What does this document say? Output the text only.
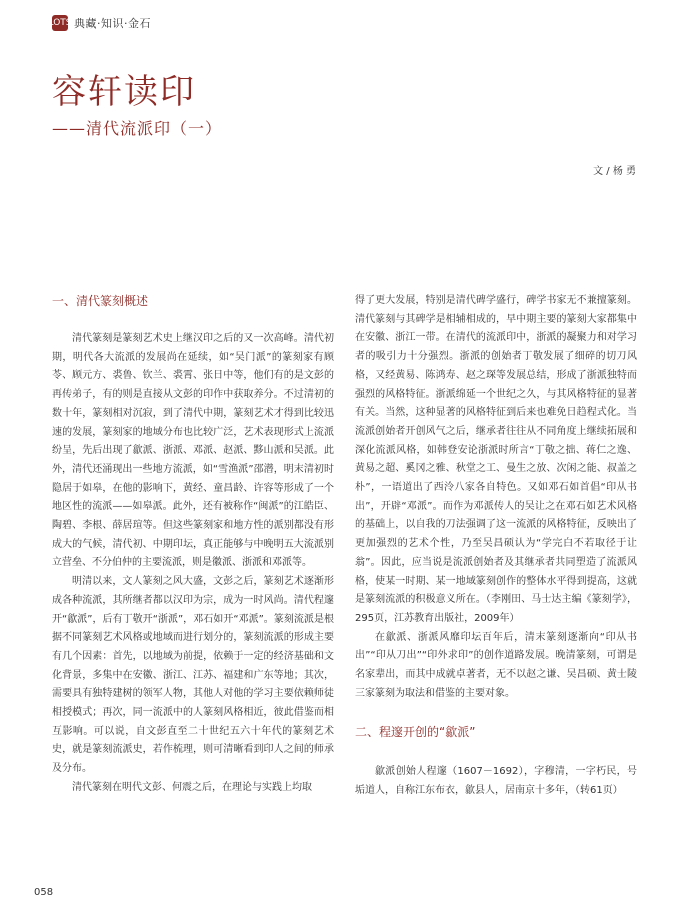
LOTS 典藏·知识·金石
容轩读印
——清代流派印（一）
文 / 杨 勇
一、清代篆刻概述

清代篆刻是篆刻艺术史上继汉印之后的又一次高峰。清代初期，明代各大流派的发展尚在延续，如“吴门派”的篆刻家有顾苓、顾元方、裘鲁、钦兰、裘霄、张日中等，他们有的是文彭的再传弟子，有的则是直接从文彭的印作中获取养分。不过清初的数十年，篆刻相对沉寂，到了清代中期，篆刻艺术才得到比较迅速的发展，篆刻家的地域分布也比较广泛，艺术表现形式上流派纷呈，先后出现了歙派、浙派、邓派、赵派、黟山派和吴派。此外，清代还涌现出一些地方流派，如“雪渔派”邵潜，明末清初时隐居于如皋，在他的影响下，黄经、童昌龄、许容等形成了一个地区性的流派——如皋派。此外，还有被称作“闽派”的江皓臣、陶碧、李根、薛居瑄等。但这些篆刻家和地方性的派别都没有形成大的气候，清代初、中期印坛，真正能够与中晚明五大流派别立营垒、不分伯仲的主要流派，则是徽派、浙派和邓派等。

明清以来，文人篆刻之风大盛，文彭之后，篆刻艺术逐渐形成各种流派，其所继者都以汉印为宗，成为一时风尚。清代程邃开“歙派”，后有丁敬开“浙派”，邓石如开“邓派”。篆刻流派是根据不同篆刻艺术风格或地域而进行划分的，篆刻流派的形成主要有几个因素：首先，以地域为前提，依赖于一定的经济基础和文化背景，多集中在安徽、浙江、江苏、福建和广东等地；其次，需要具有独特建树的领军人物，其他人对他的学习主要依赖师徒相授模式；再次，同一流派中的人篆刻风格相近，彼此借鉴而相互影响。可以说，自文彭直至二十世纪五六十年代的篆刻艺术史，就是篆刻流派史，若作梳理，则可清晰看到印人之间的师承及分布。

清代篆刻在明代文彭、何震之后，在理论与实践上均取

得了更大发展，特别是清代碑学盛行，碑学书家无不兼擅篆刻。清代篆刻与其碑学是相辅相成的，早中期主要的篆刻大家都集中在安徽、浙江一带。在清代的流派印中，浙派的凝聚力和对学习者的吸引力十分强烈。浙派的创始者丁敬发展了细碎的切刀风格，又经黄易、陈鸿寿、赵之琛等发展总结，形成了浙派独特而强烈的风格特征。浙派绵延一个世纪之久，与其风格特征的显著有关。当然，这种显著的风格特征到后来也难免日趋程式化。当流派创始者开创风气之后，继承者往往从不同角度上继续拓展和深化流派风格，如韩登安论浙派时所言“丁敬之拙、蒋仁之逸、黄易之超、奚冈之雅、秋堂之工、曼生之放、次闲之能、叔盖之朴”，一语道出了西泠八家各自特色。又如邓石如首倡“印从书出”，开辟“邓派”。而作为邓派传人的吴让之在邓石如艺术风格的基础上，以自我的刀法强调了这一流派的风格特征，反映出了更加强烈的艺术个性，乃至吴昌硕认为“学完白不若取径于让翁”。因此，应当说是流派创始者及其继承者共同塑造了流派风格，使某一时期、某一地域篆刻创作的整体水平得到提高，这就是篆刻流派的积极意义所在。（李刚田、马士达主编《篆刻学》，295页，江苏教育出版社，2009年）

在歙派、浙派风靡印坛百年后，清末篆刻逐渐向“印从书出”“印从刀出”“印外求印”的创作道路发展。晚清篆刻，可谓是名家辈出，而其中成就卓著者，无不以赵之谦、吴昌硕、黄士陵三家篆刻为取法和借鉴的主要对象。

二、程邃开创的“歙派”

歙派创始人程邃（1607－1692），字穆清，一字朽民，号垢道人，自称江东布衣，歙县人，居南京十多年，（转61页）

058
